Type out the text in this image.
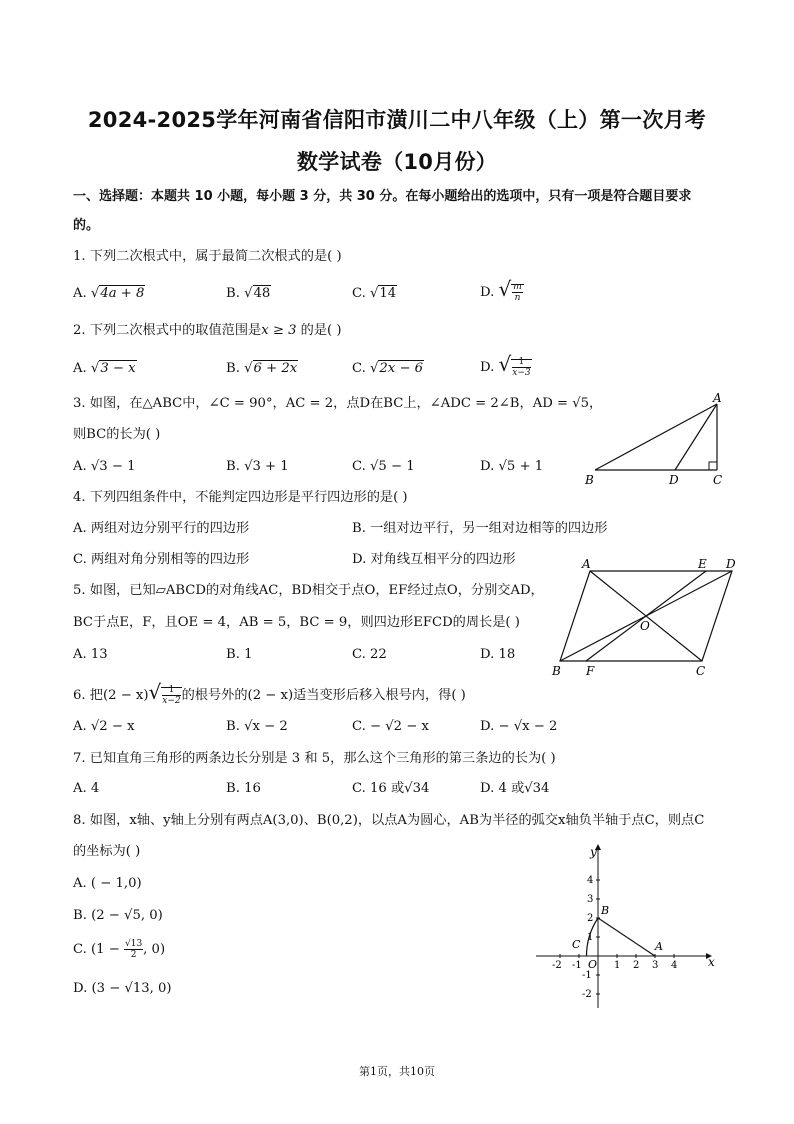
2024-2025学年河南省信阳市潢川二中八年级（上）第一次月考
数学试卷（10月份）
一、选择题：本题共 10 小题，每小题 3 分，共 30 分。在每小题给出的选项中，只有一项是符合题目要求
的。
1. 下列二次根式中，属于最简二次根式的是( )
A. √4a + 8	B. √48	C. √14	D. √ $\frac{m}{n}$
2. 下列二次根式中的取值范围是x ≥ 3 的是( )
A. √3 − x	B. √6 + 2x	C. √2x − 6	D. √ $\frac{1}{x-3}$
3. 如图，在△ABC中，∠C = 90°，AC = 2，点D在BC上，∠ADC = 2∠B，AD = √5，
则BC的长为( )
A. √3 − 1	B. √3 + 1	C. √5 − 1	D. √5 + 1
A
B	C
D
4. 下列四组条件中，不能判定四边形是平行四边形的是( )
A. 两组对边分别平行的四边形	B. 一组对边平行，另一组对边相等的四边形
C. 两组对角分别相等的四边形	D. 对角线互相平分的四边形
5. 如图，已知▱ABCD的对角线AC，BD相交于点O，EF经过点O，分别交AD，
BC于点E，F，且OE = 4，AB = 5，BC = 9，则四边形EFCD的周长是( )
A. 13	B. 1	C. 22	D. 18
A	E D
B F	C
O
6. 把$(2 - x)√ \frac{1}{x-2}$ 的根号外的(2 − x)适当变形后移入根号内，得( )
A. √2 − x	B. √x − 2	C. − √2 − x	D. − √x − 2
7. 已知直角三角形的两条边长分别是 3 和 5，那么这个三角形的第三条边的长为( )
A. 4	B. 16	C. 16 或√34	D. 4 或√34
8. 如图，x轴、y轴上分别有两点A(3,0)、B(0,2)，以点A为圆心，AB为半径的弧交x轴负半轴于点C，则点C
的坐标为( )
A. ( − 1,0)
B. (2 − √5, 0)
C. ($1 - \frac{√13}{2}$ , 0)
D. (3 − √13, 0)
x
y
A
B
C
O
-2 -1	1 2 3 4
4
3
2
1
-1
-2
第1页，共10页
